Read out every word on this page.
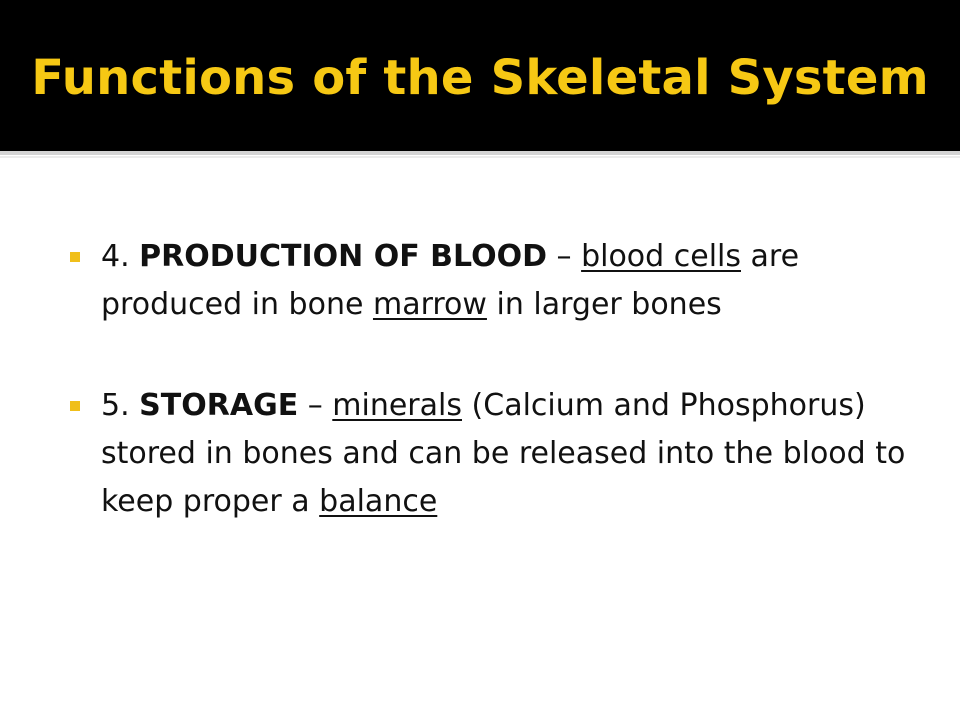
Functions of the Skeletal System
4. PRODUCTION OF BLOOD – blood cells are produced in bone marrow in larger bones
5. STORAGE – minerals (Calcium and Phosphorus) stored in bones and can be released into the blood to keep proper a balance
